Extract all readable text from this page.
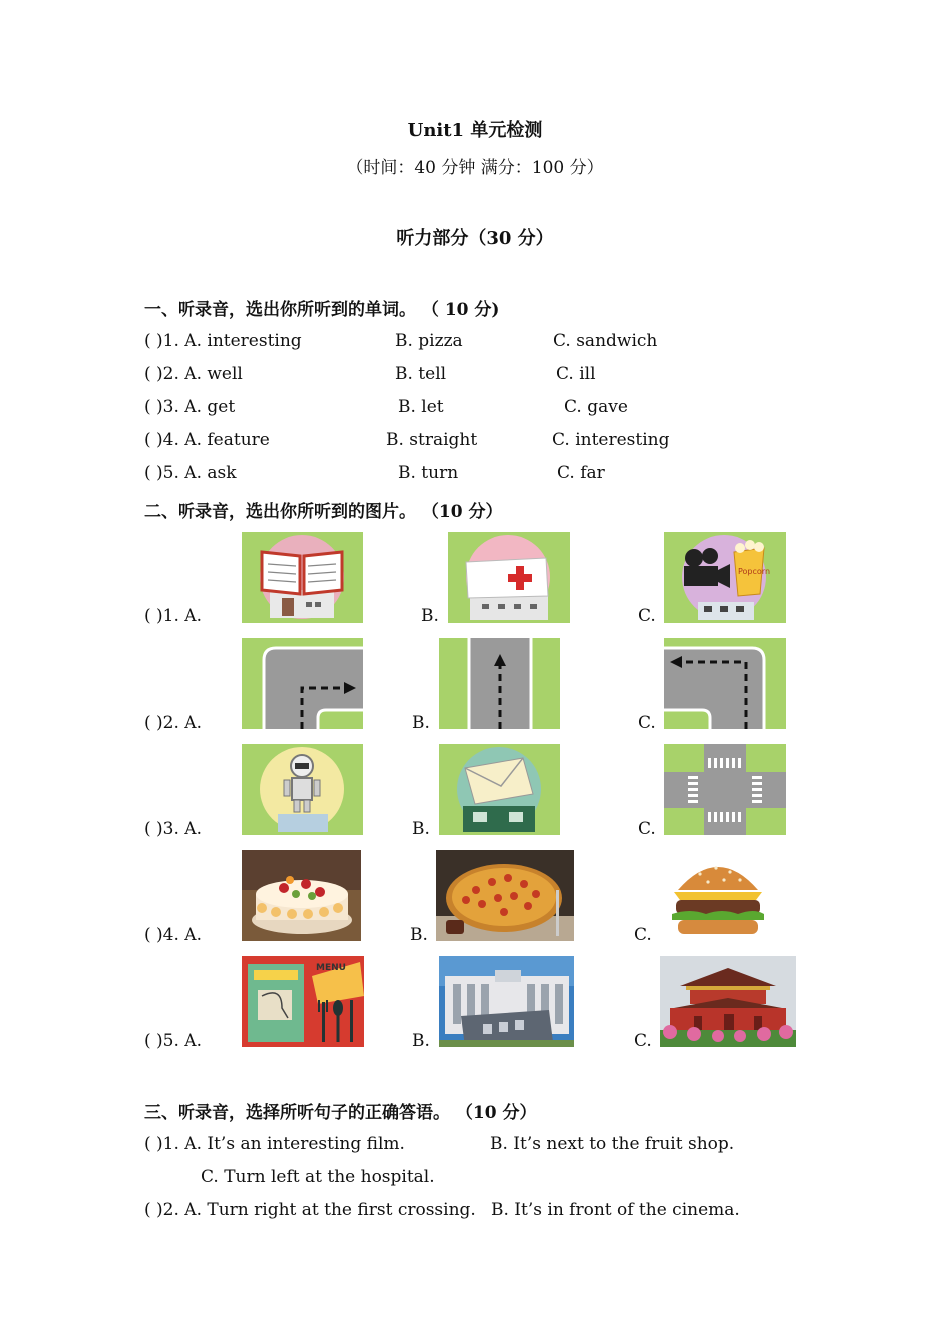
Unit1 单元检测
（时间：40 分钟 满分：100 分）
听力部分（30 分）
一、听录音，选出你所听到的单词。 （ 10 分)
( )1. A. interesting	B. pizza	C. sandwich
( )2. A. well	B. tell	C. ill
( )3. A. get	B. let	C. gave
( )4. A. feature	B. straight	C. interesting
( )5. A. ask	B. turn	C. far
二、听录音，选出你所听到的图片。 （10 分）
( )1. A.	B.	C.
Popcorn
( )2. A.	B.	C.
( )3. A.	B.	C.
( )4. A.	B.	C.
( )5. A.	B.	C.
MENU
三、听录音，选择所听句子的正确答语。 （10 分）
( )1. A. It’s an interesting film.	B. It’s next to the fruit shop.
C. Turn left at the hospital.
( )2. A. Turn right at the first crossing. B. It’s in front of the cinema.
